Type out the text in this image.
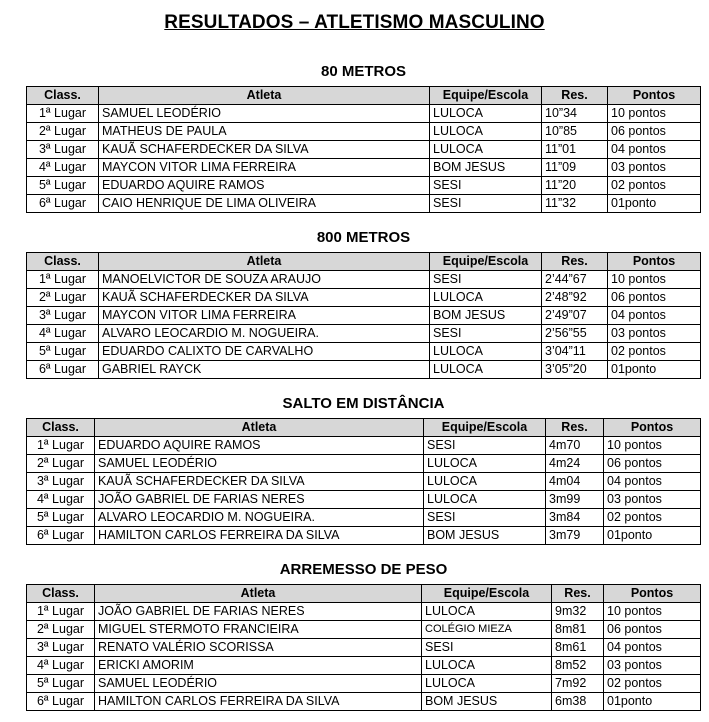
RESULTADOS – ATLETISMO MASCULINO
80 METROS
Class.	Atleta	Equipe/Escola	Res.	Pontos
1ª Lugar	SAMUEL LEODÉRIO	LULOCA	10”34	10 pontos
2ª Lugar	MATHEUS DE PAULA	LULOCA	10”85	06 pontos
3ª Lugar	KAUÃ SCHAFERDECKER DA SILVA	LULOCA	11”01	04 pontos
4ª Lugar	MAYCON VITOR LIMA FERREIRA	BOM JESUS	11”09	03 pontos
5ª Lugar	EDUARDO AQUIRE RAMOS	SESI	11”20	02 pontos
6ª Lugar	CAIO HENRIQUE DE LIMA OLIVEIRA	SESI	11”32	01ponto
800 METROS
Class.	Atleta	Equipe/Escola	Res.	Pontos
1ª Lugar	MANOELVICTOR DE SOUZA ARAUJO	SESI	2’44”67	10 pontos
2ª Lugar	KAUÃ SCHAFERDECKER DA SILVA	LULOCA	2’48”92	06 pontos
3ª Lugar	MAYCON VITOR LIMA FERREIRA	BOM JESUS	2’49”07	04 pontos
4ª Lugar	ALVARO LEOCARDIO M. NOGUEIRA.	SESI	2’56”55	03 pontos
5ª Lugar	EDUARDO CALIXTO DE CARVALHO	LULOCA	3’04”11	02 pontos
6ª Lugar	GABRIEL RAYCK	LULOCA	3’05”20	01ponto
SALTO EM DISTÂNCIA
Class.	Atleta	Equipe/Escola	Res.	Pontos
1ª Lugar	EDUARDO AQUIRE RAMOS	SESI	4m70	10 pontos
2ª Lugar	SAMUEL LEODÉRIO	LULOCA	4m24	06 pontos
3ª Lugar	KAUÃ SCHAFERDECKER DA SILVA	LULOCA	4m04	04 pontos
4ª Lugar	JOÃO GABRIEL DE FARIAS NERES	LULOCA	3m99	03 pontos
5ª Lugar	ALVARO LEOCARDIO M. NOGUEIRA.	SESI	3m84	02 pontos
6ª Lugar	HAMILTON CARLOS FERREIRA DA SILVA	BOM JESUS	3m79	01ponto
ARREMESSO DE PESO
Class.	Atleta	Equipe/Escola	Res.	Pontos
1ª Lugar	JOÃO GABRIEL DE FARIAS NERES	LULOCA	9m32	10 pontos
2ª Lugar	MIGUEL STERMOTO FRANCIEIRA	COLÉGIO MIEZA	8m81	06 pontos
3ª Lugar	RENATO VALÉRIO SCORISSA	SESI	8m61	04 pontos
4ª Lugar	ERICKI AMORIM	LULOCA	8m52	03 pontos
5ª Lugar	SAMUEL LEODÉRIO	LULOCA	7m92	02 pontos
6ª Lugar	HAMILTON CARLOS FERREIRA DA SILVA	BOM JESUS	6m38	01ponto
